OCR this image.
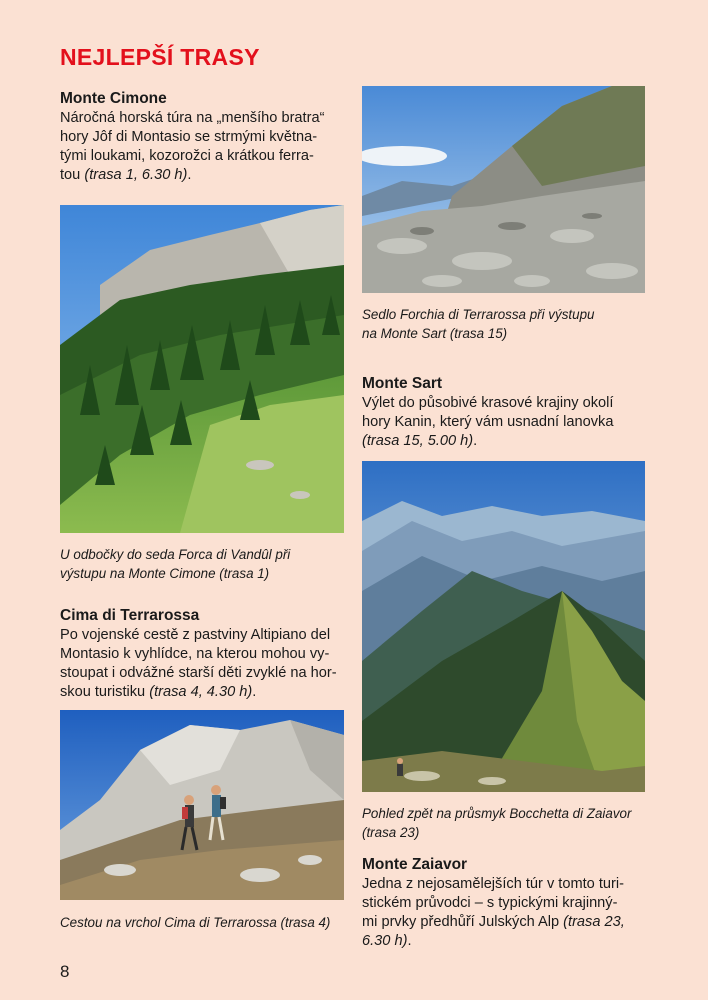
NEJLEPŠÍ TRASY
Monte Cimone
Náročná horská túra na „menšího bratra“
hory Jôf di Montasio se strmými května-
tými loukami, kozorožci a krátkou ferra-
tou (trasa 1, 6.30 h).
U odbočky do seda Forca di Vandûl při
výstupu na Monte Cimone (trasa 1)
Cima di Terrarossa
Po vojenské cestě z pastviny Altipiano del
Montasio k vyhlídce, na kterou mohou vy-
stoupat i odvážné starší děti zvyklé na hor-
skou turistiku (trasa 4, 4.30 h).
Cestou na vrchol Cima di Terrarossa (trasa 4)
8
Sedlo Forchia di Terrarossa při výstupu
na Monte Sart (trasa 15)
Monte Sart
Výlet do působivé krasové krajiny okolí
hory Kanin, který vám usnadní lanovka
(trasa 15, 5.00 h).
Pohled zpět na průsmyk Bocchetta di Zaiavor
(trasa 23)
Monte Zaiavor
Jedna z nejosamělejších túr v tomto turi-
stickém průvodci – s typickými krajinný-
mi prvky předhůří Julských Alp (trasa 23,
6.30 h).
